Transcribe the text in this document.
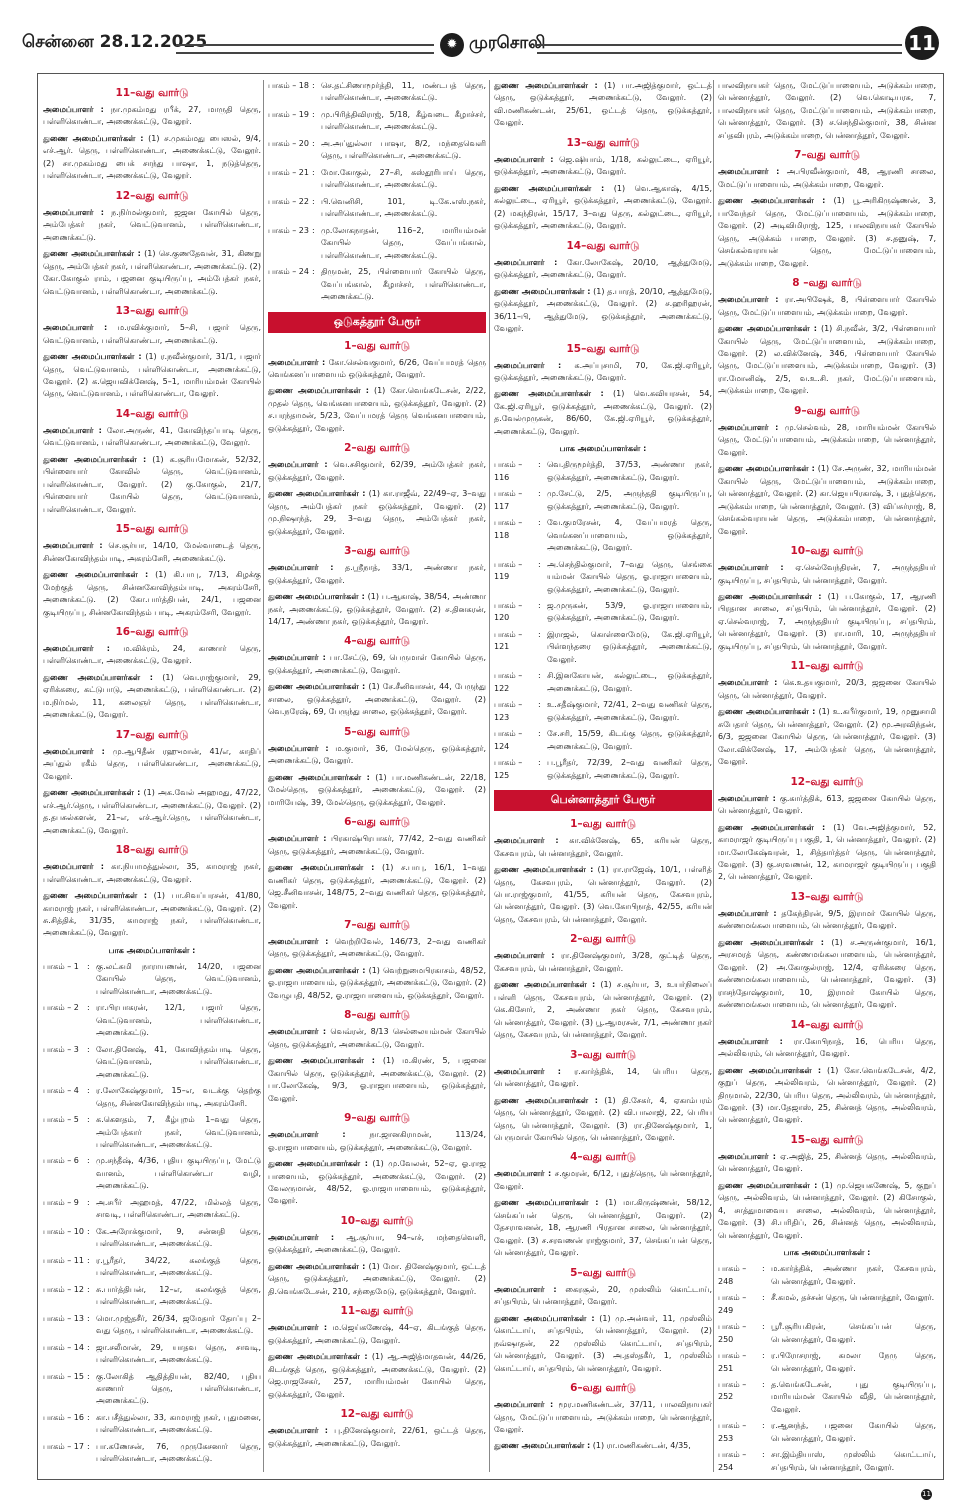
சென்னை 28.12.2025	✹ முரசொலி	11
11–வது வார்டு
அமைப்பாளர் : நா.முகம்மது ரபீக், 27, மாருதி தெரு, பள்ளிகொண்டா, அணைக்கட்டு, வேலூர்.
துணை அமைப்பாளர்கள் : (1) ச.முகம்மது பைஸல், 9/4, எச்.ஆர். தெரு, பள்ளிகொண்டா, அணைக்கட்டு, வேலூர். (2) சா.முகம்மது பைக் சாந்து பாஷா, 1, நடுத்தெரு, பள்ளிகொண்டா, அணைக்கட்டு, வேலூர்.
12–வது வார்டு
அமைப்பாளர் : ந.நிர்மல்குமார், ஜஜன கோயில் தெரு, அம்பேத்கர் நகர், வெட்டுவானம், பள்ளிகொண்டா, அணைக்கட்டு.
துணை அமைப்பாளர்கள் : (1) செ.குணதேவன், 31, கிணறு தெரு, அம்பேத்கர் நகர், பள்ளிகொண்டா, அணைக்கட்டு. (2) கோ.கோகுல் ராம், பஜனை குடியிருப்பு, அம்பேத்கர் நகர், வெட்டுவானம், பள்ளிகொண்டா, அணைக்கட்டு.
13–வது வார்டு
அமைப்பாளர் : ம.ரவிக்குமார், 5–சி, பஜார் தெரு, வெட்டுவானம், பள்ளிகொண்டா, அணைக்கட்டு.
துணை அமைப்பாளர்கள் : (1) ர.நவீன்குமார், 31/1, பஜார் தெரு, வெட்டுவானம், பள்ளிகொண்டா, அணைக்கட்டு, வேலூர். (2) க.ஜெயவிக்னேஷ், 5–1, மாரியம்மன் கோயில் தெரு, வெட்டுவானம், பள்ளிகொண்டா, வேலூர்.
14–வது வார்டு
அமைப்பாளர் : லோ.அருண், 41, கோவிந்தப்பாடி தெரு, வெட்டுவானம், பள்ளிகொண்டா, அணைக்கட்டு, வேலூர்.
துணை அமைப்பாளர்கள் : (1) க.சூரியமோகன், 52/32, பிள்ளையார் கோவில் தெரு, வெட்டுவானம், பள்ளிகொண்டா, வேலூர். (2) கு.கோகுல், 21/7, பிள்ளையார் கோயில் தெரு, வெட்டுவானம், பள்ளிகொண்டா, வேலூர்.
15–வது வார்டு
அமைப்பாளர் : செ.சூர்யா, 14/10, மேல்வாடைத் தெரு, சின்னகோவிந்தம்பாடி, அகரம்சேரி, அணைக்கட்டு.
துணை அமைப்பாளர்கள் : (1) கி.பாபு, 7/13, கிழக்கு மேற்குத் தெரு, சின்னகோவிந்தம்பாடி, அகரம்சேரி, அணைக்கட்டு. (2) கோ.பார்த்திபன், 24/1, பஜனை குடியிருப்பு, சின்னகோவிந்தம் பாடி, அகரம்சேரி, வேலூர்.
16–வது வார்டு
அமைப்பாளர் : ம.விக்ரம், 24, காணார் தெரு, பள்ளிகொண்டா, அணைக்கட்டு, வேலூர்.
துணை அமைப்பாளர்கள் : (1) வெ.ராஜ்குமார், 29, ஏரிக்கரை, கட்டுபாடு, அணைக்கட்டு, பள்ளிகொண்டா. (2) ம.நிர்மல், 11, கலைஞர் தெரு, பள்ளிகொண்டா, அணைக்கட்டு, வேலூர்.
17–வது வார்டு
அமைப்பாளர் : மு.ஆபிதீன் ரஹுமான், 41/எ, காதிப் அப்துல் ரகீம் தெரு, பள்ளிகொண்டா, அணைக்கட்டு, வேலூர்.
துணை அமைப்பாளர்கள் : (1) அக.வேல் அஹமது, 47/22, எச்.ஆர்.தெரு, பள்ளிகொண்டா, அணைக்கட்டு, வேலூர். (2) த.தபசுல்களன், 21–எ, எச்.ஆர்.தெரு, பள்ளிகொண்டா, அணைக்கட்டு, வேலூர்.
18–வது வார்டு
அமைப்பாளர் : கா.நியாமத்துல்லா, 35, காமராஜ் நகர், பள்ளிகொண்டா, அணைக்கட்டு, வேலூர்.
துணை அமைப்பாளர்கள் : (1) பா.சிவப்பரசன், 41/80, காமராஜ் நகர், பள்ளிகொண்டா, அணைக்கட்டு, வேலூர். (2) சு.சித்திக், 31/35, காமராஜ் நகர், பள்ளிகொண்டா, அணைக்கட்டு, வேலூர்.
பாக அமைப்பாளர்கள் :
பாகம் – 1	: கு.லட்சுமி நாராயணன், 14/20, பஜனை கோயில் தெரு, வெட்டுவானம், பள்ளிகொண்டா, அணைக்கட்டு.
பாகம் – 2	: ரா.பிரபாகரன், 12/1, பஜார் தெரு, வெட்டுவானம், பள்ளிகொண்டா, அணைக்கட்டு.
பாகம் – 3	: லோ.தினேஷ், 41, கோவிந்தம்பாடி தெரு, வெட்டுவானம், பள்ளிகொண்டா, அணைக்கட்டு.
பாகம் – 4	: ர.லோகேஷ்குமார், 15–எ, வடக்கு தெற்கு தெரு, சின்னகோவிந்தம்பாடி, அகரம்சேரி.
பாகம் – 5	: க.கௌதம், 7, கீழ்புறம் 1–வது தெரு, அம்பேத்கார் நகர், வெட்டுவானம், பள்ளிகொண்டா, அணைக்கட்டு.
பாகம் – 6	: மு.சந்தீஷ், 4/36, புதிய குடியிருப்பு, மேட்டு வானம், பள்ளிகொண்டா வழி, அணைக்கட்டு.
பாகம் – 9	: அ.சபீர் அஹமத், 47/22, மில்லத் தெரு, சாவடி, பள்ளிகொண்டா, அணைக்கட்டு.
பாகம் – 10 : கே.அரோக்குமார், 9, சன்னதி தெரு, பள்ளிகொண்டா, அணைக்கட்டு.
பாகம் – 11 : ர.பூரீதர், 34/22, கலங்குத் தெரு, பள்ளிகொண்டா, அணைக்கட்டு.
பாகம் – 12 : சு.பார்த்திபன், 12–எ, கலங்குத் தெரு, பள்ளிகொண்டா, அணைக்கட்டு.
பாகம் – 13 : மொ.முஜ்தசீர், 26/34, ஜமேதார் தோப்பு 2–வது தெரு, பள்ளிகொண்டா, அணைக்கட்டு.
பாகம் – 14 : ஜா.சலீமான், 29, யாதவ தெரு, சாவடி, பள்ளிகொண்டா, அணைக்கட்டு.
பாகம் – 15 : கு.லோகித் ஆதித்தியன், 82/40, புதிய காணார் தெரு, பள்ளிகொண்டா, அணைக்கட்டு.
பாகம் – 16 : கா.பசீத்துல்லா, 33, காமராஜ் நகர், புதுமனை, பள்ளிகொண்டா, அணைக்கட்டு.
பாகம் – 17 : பா.கணேசன், 76, முருகேசனார் தெரு, பள்ளிகொண்டா, அணைக்கட்டு.
பாகம் – 18 : செ.தட்சிணாமூர்த்தி, 11, மண்டபத் தெரு, பள்ளிகொண்டா, அணைக்கட்டு.
பாகம் – 19 : மு.பிரித்திவிராஜ், 5/18, கீழ்வடை கீழாச்சர், பள்ளிகொண்டா, அணைக்கட்டு.
பாகம் – 20 : அ.அப்துல்லா பாஷா, 8/2, மந்தைவெளி தெரு, பள்ளிகொண்டா, அணைக்கட்டு.
பாகம் – 21 : மோ.கோகுல், 27–சி, கஸ்தூரிபாய் தெரு, பள்ளிகொண்டா, அணைக்கட்டு.
பாகம் – 22 : பி.வெனிசி, 101, டி.கே.எஸ்.நகர், பள்ளிகொண்டா, அணைக்கட்டு.
பாகம் – 23 : மு.லோகநாதன், 116–2, மாரியம்மன் கோயில் தெரு, வேப்பங்கால், பள்ளிகொண்டா, அணைக்கட்டு.
பாகம் – 24 : திருமன், 25, பிள்ளையார் கோயில் தெரு, வேப்பங்கால், கீழாச்சர், பள்ளிகொண்டா, அணைக்கட்டு.
ஒடுகத்தூர் பேரூர்
1–வது வார்டு
அமைப்பாளர் : கோ.செல்வகுமார், 6/26, வேப்பமரத் தெரு வெங்கனப்பாளையம் ஒடுக்கத்தூர், வேலூர்.
துணை அமைப்பாளர்கள் : (1) கோ.வெங்கடேசன், 2/22, முதல் தெரு, வெங்கனபாளையம், ஒடுக்கத்தூர், வேலூர். (2) ச.பரந்தாமன், 5/23, வேப்பமரத் தெரு வெங்கனபாளையம், ஒடுக்கத்தூர், வேலூர்.
2–வது வார்டு
அமைப்பாளர் : வெ.சசிகுமார், 62/39, அம்பேத்கர் நகர், ஒடுக்கத்தூர், வேலூர்.
துணை அமைப்பாளர்கள் : (1) கா.ராஜீவ், 22/49–ஏ, 3–வது தெரு, அம்பேத்கர் நகர் ஒடுக்கத்தூர், வேலூர். (2) மு.நிஷாந்த், 29, 3–வது தெரு, அம்பேத்கர் நகர், ஒடுக்கத்தூர், வேலூர்.
3–வது வார்டு
அமைப்பாளர் : த.ஸ்ரீநாத், 33/1, அண்ணா நகர், ஒடுக்கத்தூர், வேலூர்.
துணை அமைப்பாளர்கள் : (1) ப.ஆகாஷ், 38/54, அண்ணா நகர், அணைக்கட்டு, ஒடுக்கத்தூர், வேலூர். (2) ச.தினகரன், 14/17, அண்ணா நகர், ஒடுக்கத்தூர், வேலூர்.
4–வது வார்டு
அமைப்பாளர் : பா.சேட்டு, 69, பெருமாள் கோயில் தெரு, ஒடுக்கத்தூர், அணைக்கட்டு, வேலூர்.
துணை அமைப்பாளர்கள் : (1) சே.சீனிவாசன், 44, பேருந்து சாலை, ஒடுக்கத்தூர், அணைக்கட்டு, வேலூர். (2) வெ.நரேஷ், 69, பேருந்து சாலை, ஒடுக்கத்தூர், வேலூர்.
5–வது வார்டு
அமைப்பாளர் : ம.குமார், 36, மேல்தெரு, ஒடுக்கத்தூர், அணைக்கட்டு, வேலூர்.
துணை அமைப்பாளர்கள் : (1) பா.மணிகண்டன், 22/18, மேல்தெரு, ஒடுக்கத்தூர், அணைக்கட்டு, வேலூர். (2) மாரியேஷ், 39, மேல்தெரு, ஒடுக்கத்தூர், வேலூர்.
6–வது வார்டு
அமைப்பாளர் : பிரகாஷ்பிரபாகர், 77/42, 2–வது வணிகர் தெரு, ஒடுக்கத்தூர், அணைக்கட்டு, வேலூர்.
துணை அமைப்பாளர்கள் : (1) ச.பாபு, 16/1, 1–வது வணிகர் தெரு, ஒடுக்கத்தூர், அணைக்கட்டு, வேலூர். (2) ஜெ.சீனிவாசன், 148/75, 2–வது வணிகர் தெரு, ஒடுக்கத்தூர், வேலூர்.
7–வது வார்டு
அமைப்பாளர் : வெற்றிவேல், 146/73, 2–வது வணிகர் தெரு, ஒடுக்கத்தூர், அணைக்கட்டு, வேலூர்.
துணை அமைப்பாளர்கள் : (1) வெற்றுமைபிரகாசம், 48/52, ஓ.ராஜாபாளையம், ஒடுக்கத்தூர், அணைக்கட்டு, வேலூர். (2) வேழுபதி, 48/52, ஓ.ராஜாபாளையம், ஒடுக்கத்தூர், வேலூர்.
8–வது வார்டு
அமைப்பாளர் : வெவ்ரன், 8/13 செல்லையம்மன் கோயில் தெரு, ஒடுக்கத்தூர், அணைக்கட்டு, வேலூர்.
துணை அமைப்பாளர்கள் : (1) ம.கிரண், 5, பஜனை கோயில் தெரு, ஒடுக்கத்தூர், அணைக்கட்டு, வேலூர். (2) பா.லோகேஷ், 9/3, ஓ.ராஜாபாளையம், ஒடுக்கத்தூர், வேலூர்.
9–வது வார்டு
அமைப்பாளர் : நா.ஜானகிராமன், 113/24, ஓ.ராஜாபாளையம், ஒடுக்கத்தூர், அணைக்கட்டு, வேலூர்.
துணை அமைப்பாளர்கள் : (1) மு.வேலன், 52–ஏ, ஓ.ராஜ பாளையம், ஒடுக்கத்தூர், அணைக்கட்டு, வேலூர். (2) வேலருமான், 48/52, ஓ.ராஜாபாளையம், ஒடுக்கத்தூர், வேலூர்.
10–வது வார்டு
அமைப்பாளர் : ஆ.சூர்யா, 94–எச், மந்தைவெளி, ஒடுக்கத்தூர், அணைக்கட்டு, வேலூர்.
துணை அமைப்பாளர்கள் : (1) மோ. தினேஷ்குமார், ஒட்டத் தெரு, ஒடுக்கத்தூர், அணைக்கட்டு, வேலூர். (2) தி.வெங்கடேசன், 210, சந்தைமேடு, ஒடுக்கத்தூர், வேலூர்.
11–வது வார்டு
அமைப்பாளர் : ம.ஜெய்கணேஷ், 44–ஏ, கிடங்குத் தெரு, ஒடுக்கத்தூர், அணைக்கட்டு, வேலூர்.
துணை அமைப்பாளர்கள் : (1) ஆ.அஜித்மாதவன், 44/26, கிடங்குத் தெரு, ஒடுக்கத்தூர், அணைக்கட்டு, வேலூர். (2) ஜெ.ராஜசேகர், 257, மாரியம்மன் கோயில் தெரு, ஒடுக்கத்தூர், வேலூர்.
12–வது வார்டு
அமைப்பாளர் : பு.தினேஷ்குமார், 22/61, ஒட்டத் தெரு, ஒடுக்கத்தூர், அணைக்கட்டு, வேலூர்.
துணை அமைப்பாளர்கள் : (1) பா.அஜித்குமார், ஒட்டத் தெரு, ஒடுக்கத்தூர், அணைக்கட்டு, வேலூர். (2) வி.மணிகண்டன், 25/61, ஒட்டத் தெரு, ஒடுக்கத்தூர், வேலூர்.
13–வது வார்டு
அமைப்பாளர் : ஜெ.ஷியாம், 1/18, கல்லுட்டை, ஏரியூர், ஒடுக்கத்தூர், அணைக்கட்டு, வேலூர்.
துணை அமைப்பாளர்கள் : (1) வெ.ஆகாஷ், 4/15, கல்லுட்டை, ஏரியூர், ஒடுக்கத்தூர், அணைக்கட்டு, வேலூர். (2) மகந்திரன், 15/17, 3–வது தெரு, கல்லுட்டை, ஏரியூர், ஒடுக்கத்தூர், அணைக்கட்டு, வேலூர்.
14–வது வார்டு
அமைப்பாளர் : கோ.லோகேஷ், 20/10, ஆத்துமேடு, ஒடுக்கத்தூர், அணைக்கட்டு, வேலூர்.
துணை அமைப்பாளர்கள் : (1) த.பாரத், 20/10, ஆத்துமேடு, ஒடுக்கத்தூர், அணைக்கட்டு, வேலூர். (2) ச.ஹரிஹரன், 36/11–பி, ஆத்துமேடு, ஒடுக்கத்தூர், அணைக்கட்டு, வேலூர்.
15–வது வார்டு
அமைப்பாளர் : க.அப்புசாமி, 70, கே.ஜி.ஏரியூர், ஒடுக்கத்தூர், அணைக்கட்டு, வேலூர்.
துணை அமைப்பாளர்கள் : (1) வெ.கவியரசன், 54, கே.ஜி.ஏரியூர், ஒடுக்கத்தூர், அணைக்கட்டு, வேலூர். (2) த.வேல்முருகன், 86/60, கே.ஜி.ஏரியூர், ஒடுக்கத்தூர், அணைக்கட்டு, வேலூர்.
பாக அமைப்பாளர்கள் :
பாகம் – 116
: வெ.திருமூர்த்தி, 37/53, அண்ணா நகர், ஒடுக்கத்தூர், அணைக்கட்டு, வேலூர்.
பாகம் – 117
: மு.சேட்டு, 2/5, அருந்ததி குடியிருப்பு, ஒடுக்கத்தூர், அணைக்கட்டு, வேலூர்.
பாகம் – 118
: வே.குமரேசன், 4, வேப்பமரத் தெரு, வெங்கனப்பாளையம், ஒடுக்கத்தூர், அணைக்கட்டு, வேலூர்.
பாகம் – 119
: அ.செந்தில்குமார், 7–வது தெரு, செங்கை யம்மன் கோயில் தெரு, ஓ.ராஜாபாளையம், ஒடுக்கத்தூர், அணைக்கட்டு, வேலூர்.
பாகம் – 120
: ஜ.முருகன், 53/9, ஓ.ராஜாபாளையம், ஒடுக்கத்தூர், அணைக்கட்டு, வேலூர்.
பாகம் – 121
: இராஜல், கொள்ளைமேடு, கே.ஜி.ஏரியூர், பிள்ளந்தரை ஒடுக்கத்தூர், அணைக்கட்டு, வேலூர்.
பாகம் – 122
: சி.இனகோயன், கல்லுட்டை, ஒடுக்கத்தூர், அணைக்கட்டு, வேலூர்.
பாகம் – 123
: உ.சதீஷ்குமார், 72/41, 2–வது வணிகர் தெரு, ஒடுக்கத்தூர், அணைக்கட்டு, வேலூர்.
பாகம் – 124
: சே.சரி, 15/59, கிடங்கு தெரு, ஒடுக்கத்தூர், அணைக்கட்டு, வேலூர்.
பாகம் – 125
: ப.பூரீதர், 72/39, 2–வது வணிகர் தெரு, ஒடுக்கத்தூர், அணைக்கட்டு, வேலூர்.
பென்னாத்தூர் பேரூர்
1–வது வார்டு
அமைப்பாளர் : கா.விக்னேஷ், 65, கரியன் தெரு, கேசவபுரம், பென்னாத்தூர், வேலூர்.
துணை அமைப்பாளர்கள் : (1) ரா.ராஜேஷ், 10/1, பள்ளித் தெரு, கேசவபுரம், பென்னாத்தூர், வேலூர். (2) பொ.ராஜ்குமார், 41/55, கரியன் தெரு, கேசவபுரம், பென்னாத்தூர், வேலூர். (3) வெ.கோபிநாத், 42/55, கரியன் தெரு, கேசவபுரம், பென்னாத்தூர், வேலூர்.
2–வது வார்டு
அமைப்பாளர் : ரா.தினேஷ்குமார், 3/28, குட்டித் தெரு, கேசவபுரம், பென்னாத்தூர், வேலூர்.
துணை அமைப்பாளர்கள் : (1) ச.சூர்யா, 3, உயர்நிலைப் பள்ளி தெரு, கேசவபுரம், பென்னாத்தூர், வேலூர். (2) கெ.கிசோர், 2, அண்ணா நகர் தெரு, கேசவபுரம், பென்னாத்தூர், வேலூர். (3) பூ.ஆமரசன், 7/1, அண்ணா நகர் தெரு, கேசவபுரம், பென்னாத்தூர், வேலூர்.
3–வது வார்டு
அமைப்பாளர் : ர.கார்த்திக், 14, பெரிய தெரு, பென்னாத்தூர், வேலூர்.
துணை அமைப்பாளர்கள் : (1) தி.சேகர், 4, ஏகாம்பரம் தெரு, பென்னாத்தூர், வேலூர். (2) வி.பாலாஜி, 22, பெரிய தெரு, பென்னாத்தூர், வேலூர். (3) ரா.தினேஷ்குமார், 1, பெருமாள் கோயில் தெரு, பென்னாத்தூர், வேலூர்.
4–வது வார்டு
அமைப்பாளர் : ச.குமரன், 6/12, புதுத்தெரு, பென்னாத்தூர், வேலூர்.
துணை அமைப்பாளர்கள் : (1) மா.கிருஷ்ணன், 58/12, செங்கப்பன் தெரு, பென்னாத்தூர், வேலூர். (2) தேசராவனன், 18, ஆரணி பிரதான சாலை, பென்னாத்தூர், வேலூர். (3) ச.சரவணன் ராஜ்குமார், 37, செங்கப்பன் தெரு, பென்னாத்தூர், வேலூர்.
5–வது வார்டு
அமைப்பாளர் : கைரசூல், 20, முஸ்லிம் கொட்டாய், சப்தபிரம், பென்னாத்தூர், வேலூர்.
துணை அமைப்பாளர்கள் : (1) மு.அன்வர், 11, முஸ்லிம் கொட்டாய், சப்தபிரம், பென்னாத்தூர், வேலூர். (2) நவ்ஷாதன், 22 முஸ்லிம் கொட்டாய், சப்தபிரம், பென்னாத்தூர், வேலூர். (3) அ.தஸ்தகீர், 1, முஸ்லிம் கொட்டாய், சப்தபிரம், பென்னாத்தூர், வேலூர்.
6–வது வார்டு
அமைப்பாளர் : மூர.மணிகண்டன், 37/11, பாலவிநாயகர் தெரு, மேட்டுப்பாளையம், அடுக்கம்பாறை, பென்னாத்தூர், வேலூர்.
துணை அமைப்பாளர்கள் : (1) ரா.மணிகண்டன், 4/35,
பாலவிநாயகர் தெரு, மேட்டுப்பாளையம், அடுக்கம்பாறை, பென்னாத்தூர், வேலூர். (2) வெ.கொடியரசு, 7, பாலவிநாயகர் தெரு, மேட்டுப்பாளையம், அடுக்கம்பாறை, பென்னாத்தூர், வேலூர். (3) ச.செந்தில்குமார், 38, சின்ன சப்தவிபுரம், அடுக்கம்பாறை, பென்னாத்தூர், வேலூர்.
7–வது வார்டு
அமைப்பாளர் : அ.பிரவீன்குமார், 48, ஆரணி சாலை, மேட்டுப்பாளையம், அடுக்கம்பாறை, வேலூர்.
துணை அமைப்பாளர்கள் : (1) பூ.அரிகிருஷ்ணன், 3, பாவேந்தர் தெரு, மேட்டுப்பாளையம், அடுக்கம்பாறை, வேலூர். (2) அடிவிமிராஜ், 125, பாலவிநாயகர் கோயில் தெரு, அடுக்கம் பாறை, வேலூர். (3) ச.தனுஷ், 7, செங்கல்வராயன் தெரு, மேட்டுப்பாளையம், அடுக்கம்பாறை, வேலூர்.
8 –வது வார்டு
அமைப்பாளர் : ரா.அபிஷேக், 8, பிள்ளையார் கோயில் தெரு, மேட்டுப்பாளையம், அடுக்கம்பாறை, வேலூர்.
துணை அமைப்பாளர்கள் : (1) சி.நவீன், 3/2, பிள்ளையார் கோயில் தெரு, மேட்டுப்பாளையம், அடுக்கம்பாறை, வேலூர். (2) ல.விக்னேஷ், 346, பிள்ளையார் கோயில் தெரு, மேட்டுப்பாளையம், அடுக்கம்பாறை, வேலூர். (3) ரா.மோனிஷ், 2/5, வ.உ.சி. நகர், மேட்டுப்பாளையம், அடுக்கம்பாறை, வேலூர்.
9–வது வார்டு
அமைப்பாளர் : மு.செல்வம், 28, மாரியம்மன் கோயில் தெரு, மேட்டுப்பாளையம், அடுக்கம்பாறை, பென்னாத்தூர், வேலூர்.
துணை அமைப்பாளர்கள் : (1) சே.அருண், 32, மாரியம்மன் கோயில் தெரு, மேட்டுப்பாளையம், அடுக்கம்பாறை, பென்னாத்தூர், வேலூர். (2) கா.ஜெயபிரகாஷ், 3, புதுத்தெரு, அடுக்கம்பாறை, பென்னாத்தூர், வேலூர். (3) விப்சுர்ராஜ், 8, செங்கல்வராயன் தெரு, அடுக்கம்பாறை, பென்னாத்தூர், வேலூர்.
10–வது வார்டு
அமைப்பாளர் : ஏ.செல்வேந்திரன், 7, அருந்ததியர் குடியிருப்பு, சப்தபிரம், பென்னாத்தூர், வேலூர்.
துணை அமைப்பாளர்கள் : (1) ப.கோகுல், 17, ஆரணி பிரதான சாலை, சப்தபிரம், பென்னாத்தூர், வேலூர். (2) ஏ.செல்வராஜ், 7, அருந்ததியர் குடியிருப்பு, சப்தபிரம், பென்னாத்தூர், வேலூர். (3) ரா.மாரி, 10, அருந்ததியர் குடியிருப்பு, சப்தபிரம், பென்னாத்தூர், வேலூர்.
11–வது வார்டு
அமைப்பாளர் : கெ.உதயகுமார், 20/3, ஜஜனை கோயில் தெரு, பென்னாத்தூர், வேலூர்.
துணை அமைப்பாளர்கள் : (1) உ.கபீர்குமார், 19, முனுசாமி சுபேதார் தெரு, பென்னாத்தூர், வேலூர். (2) மூ.அரவிந்தன், 6/3, ஜஜனை கோயில் தெரு, பென்னாத்தூர், வேலூர். (3) லோ.விக்னேஷ், 17, அம்பேத்கர் தெரு, பென்னாத்தூர், வேலூர்.
12–வது வார்டு
அமைப்பாளர் : கு.கார்த்திக், 613, ஜஜனை கோயில் தெரு, பென்னாத்தூர், வேலூர்.
துணை அமைப்பாளர்கள் : (1) வே.அஜித்குமார், 52, காமராஜர் குடியிருப்பு பகுதி, 1, பென்னாத்தூர், வேலூர். (2) மா.லோகேஷ்வரன், 1, சித்தார்த்தர் தெரு, பென்னாத்தூர், வேலூர். (3) கு.சரவணன், 12, காமராஜர் குடியிருப்பு பகுதி 2, பென்னாத்தூர், வேலூர்.
13–வது வார்டு
அமைப்பாளர் : தகேந்திரன், 9/5, இராமர் கோயில் தெரு, கண்ணமங்கலபாளையம், பென்னாத்தூர், வேலூர்.
துணை அமைப்பாளர்கள் : (1) ச.அருண்குமார், 16/1, அரசமரத் தெரு, கண்ணமங்கலபாளையம், பென்னாத்தூர், வேலூர். (2) அ.கோகுல்ராஜ், 12/4, ஏரிக்கரை தெரு, கண்ணமங்கலபாளையம், பென்னாத்தூர், வேலூர். (3) ராசந்தோஷ்குமார், 10, இராமர் கோயில் தெரு, கண்ணமங்கலபாளையம், பென்னாத்தூர், வேலூர்.
14–வது வார்டு
அமைப்பாளர் : ரா.கோபிநாத், 16, பெரிய தெரு, அல்லிவரம், பென்னாத்தூர், வேலூர்.
துணை அமைப்பாளர்கள் : (1) கோ.வெங்கடேசன், 4/2, குறுப் தெரு, அல்லிவரம், பென்னாத்தூர், வேலூர். (2) திருமால், 22/30, பெரிய தெரு, அல்லிவரம், பென்னாத்தூர், வேலூர். (3) மா.தேஜாஸ், 25, சின்னத் தெரு, அல்லிவரம், பென்னாத்தூர், வேலூர்.
15–வது வார்டு
அமைப்பாளர் : ஏ.அஜித், 25, சின்னத் தெரு, அல்லிவரம், பென்னாத்தூர், வேலூர்.
துணை அமைப்பாளர்கள் : (1) மு.ஜெயகணேஷ், 5, குறுப் தெரு, அல்லிவரம், பென்னாத்தூர், வேலூர். (2) கிசோகுல், 4, சாத்துமாவைய சாலை, அல்லிவரம், பென்னாத்தூர், வேலூர். (3) சி.பரிதிப், 26, சின்னத் தெரு, அல்லிவரம், பென்னாத்தூர், வேலூர்.
பாக அமைப்பாளர்கள் :
பாகம் – 248
: ம.கார்த்திக், அண்ணா நகர், கேசவபுரம், பென்னாத்தூர், வேலூர்.
பாகம் – 249
: சீ.கமல், தச்சன் தெரு, பென்னாத்தூர், வேலூர்.
பாகம் – 250
: பூரீ.சூரியகிரன், செங்கப்பன் தெரு, பென்னாத்தூர், வேலூர்.
பாகம் – 251
: ர.பிரோசராஜ், கமலா நேரு தெரு, பென்னாத்தூர், வேலூர்.
பாகம் – 252
: த.வெங்கடேசன், புது குடியிருப்பு, மாரியம்மன் கோயில் வீதி, பென்னாத்தூர், வேலூர்.
பாகம் – 253
: ர.ஆனந்த், பஜனை கோயில் தெரு, பென்னாத்தூர், வேலூர்.
பாகம் – 254
: சா.இம்தியாஸ், முஸ்லிம் கொட்டாய், சப்தபிரம், பென்னாத்தூர், வேலூர்.
11
